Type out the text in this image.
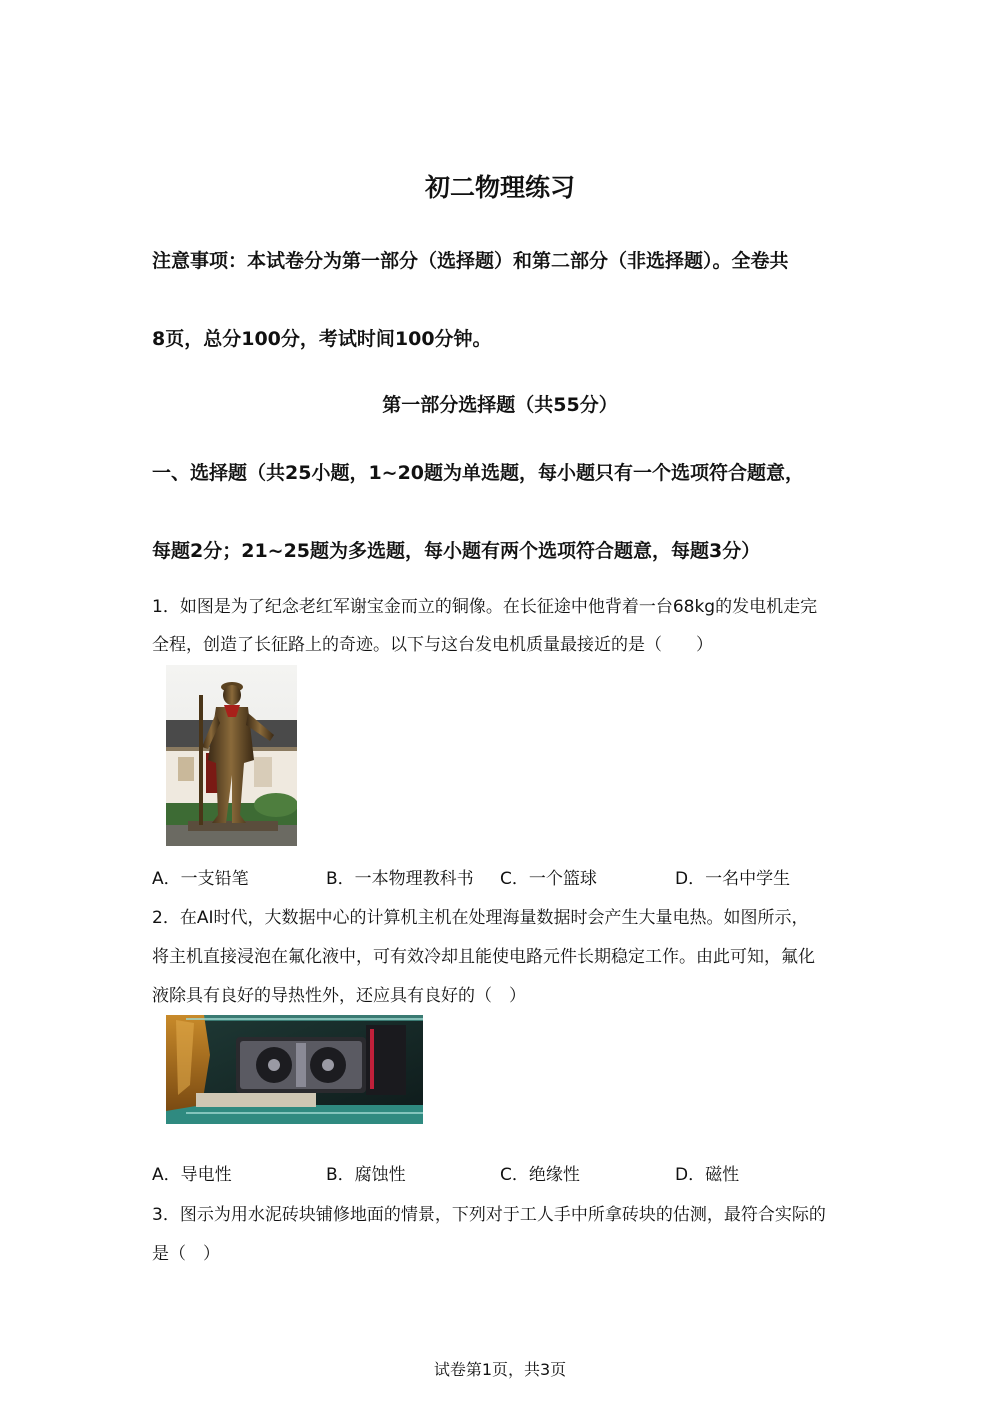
初二物理练习
注意事项：本试卷分为第一部分（选择题）和第二部分（非选择题）。全卷共
8页，总分100分，考试时间100分钟。
第一部分选择题（共55分）
一、选择题（共25小题，1~20题为单选题，每小题只有一个选项符合题意，
每题2分；21~25题为多选题，每小题有两个选项符合题意，每题3分）
1．如图是为了纪念老红军谢宝金而立的铜像。在长征途中他背着一台68kg的发电机走完
全程，创造了长征路上的奇迹。以下与这台发电机质量最接近的是（　　）
A．一支铅笔	B．一本物理教科书 C．一个篮球	D．一名中学生
2．在AI时代，大数据中心的计算机主机在处理海量数据时会产生大量电热。如图所示，
将主机直接浸泡在氟化液中，可有效冷却且能使电路元件长期稳定工作。由此可知，氟化
液除具有良好的导热性外，还应具有良好的（　）
A．导电性	B．腐蚀性	C．绝缘性	D．磁性
3．图示为用水泥砖块铺修地面的情景，下列对于工人手中所拿砖块的估测，最符合实际的
是（　）
试卷第1页，共3页
